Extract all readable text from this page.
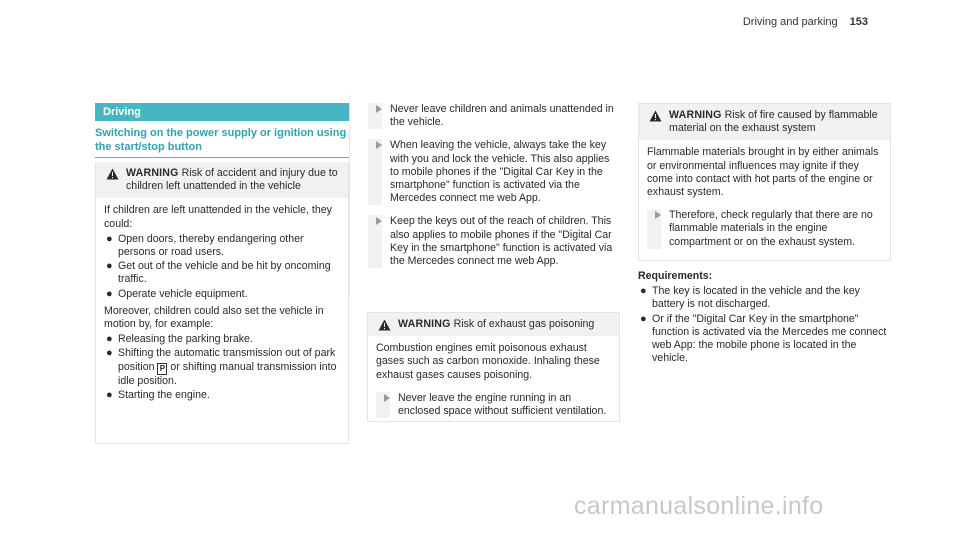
Driving and parking 153
Driving
Switching on the power supply or ignition using the start/stop button
WARNING Risk of accident and injury due to children left unattended in the vehicle
If children are left unattended in the vehicle, they could:
● Open doors, thereby endangering other persons or road users.
● Get out of the vehicle and be hit by oncoming traffic.
● Operate vehicle equipment.
Moreover, children could also set the vehicle in motion by, for example:
● Releasing the parking brake.
● Shifting the automatic transmission out of park position P or shifting manual transmission into idle position.
● Starting the engine.
Never leave children and animals unattended in the vehicle.
When leaving the vehicle, always take the key with you and lock the vehicle. This also applies to mobile phones if the "Digital Car Key in the smartphone" function is activated via the Mercedes connect me web App.
Keep the keys out of the reach of children. This also applies to mobile phones if the "Digital Car Key in the smartphone" function is activated via the Mercedes connect me web App.
WARNING Risk of exhaust gas poisoning
Combustion engines emit poisonous exhaust gases such as carbon monoxide. Inhaling these exhaust gases causes poisoning.
Never leave the engine running in an enclosed space without sufficient ventilation.
WARNING Risk of fire caused by flammable material on the exhaust system
Flammable materials brought in by either animals or environmental influences may ignite if they come into contact with hot parts of the engine or exhaust system.
Therefore, check regularly that there are no flammable materials in the engine compartment or on the exhaust system.
Requirements:
● The key is located in the vehicle and the key battery is not discharged.
● Or if the "Digital Car Key in the smartphone" function is activated via the Mercedes me connect web App: the mobile phone is located in the vehicle.
carmanualsonline.info
